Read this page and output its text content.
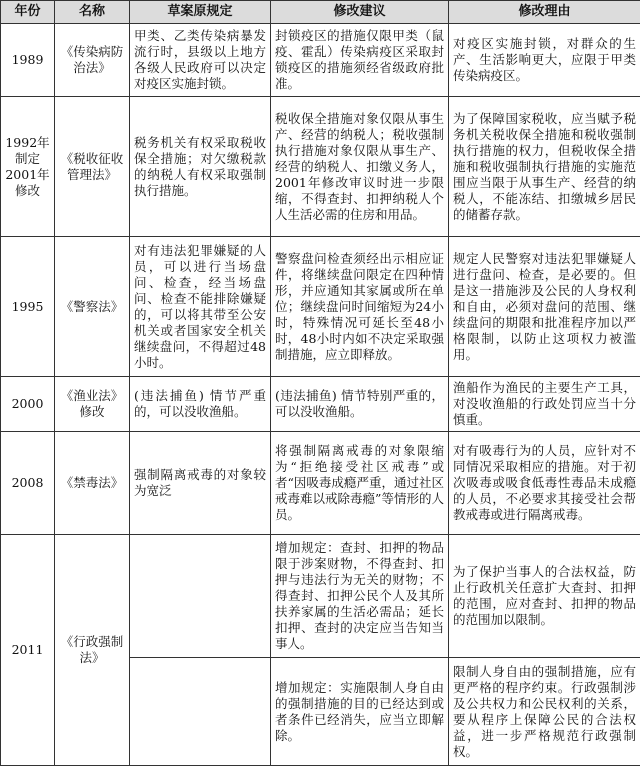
年份	名称	草案原规定	修改建议	修改理由

1989	《传染病防
治法》	甲类、乙类传染病暴发流行时，县级以上地方各级人民政府可以决定对疫区实施封锁。	封锁疫区的措施仅限甲类（鼠疫、霍乱）传染病疫区采取封锁疫区的措施须经省级政府批准。	对疫区实施封锁，对群众的生产、生活影响更大，应限于甲类传染病疫区。

1992年
制定
2001年
修改	《税收征收
管理法》	税务机关有权采取税收保全措施；对欠缴税款的纳税人有权采取强制执行措施。	税收保全措施对象仅限从事生产、经营的纳税人；税收强制执行措施对象仅限从事生产、经营的纳税人、扣缴义务人，2001年修改审议时进一步限缩，不得查封、扣押纳税人个人生活必需的住房和用品。	为了保障国家税收，应当赋予税务机关税收保全措施和税收强制执行措施的权力，但税收保全措施和税收强制执行措施的实施范围应当限于从事生产、经营的纳税人，不能冻结、扣缴城乡居民的储蓄存款。

1995	《警察法》	对有违法犯罪嫌疑的人员，可以进行当场盘问、检查，经当场盘问、检查不能排除嫌疑的，可以将其带至公安机关或者国家安全机关继续盘问，不得超过48小时。	警察盘问检查须经出示相应证件，将继续盘问限定在四种情形，并应通知其家属或所在单位；继续盘问时间缩短为24小时，特殊情况可延长至48小时，48小时内如不决定采取强制措施，应立即释放。	规定人民警察对违法犯罪嫌疑人进行盘问、检查，是必要的。但是这一措施涉及公民的人身权利和自由，必须对盘问的范围、继续盘问的期限和批准程序加以严格限制，以防止这项权力被滥用。

2000	《渔业法》
修改	(违法捕鱼) 情节严重的，可以没收渔船。	(违法捕鱼) 情节特别严重的，可以没收渔船。	渔船作为渔民的主要生产工具，对没收渔船的行政处罚应当十分慎重。

2008	《禁毒法》	强制隔离戒毒的对象较为宽泛	将强制隔离戒毒的对象限缩为“拒绝接受社区戒毒”或者“因吸毒成瘾严重，通过社区戒毒难以戒除毒瘾”等情形的人员。	对有吸毒行为的人员，应针对不同情况采取相应的措施。对于初次吸毒或吸食低毒性毒品未成瘾的人员，不必要求其接受社会帮教戒毒或进行隔离戒毒。

2011	《行政强制
法》		增加规定：查封、扣押的物品限于涉案财物，不得查封、扣押与违法行为无关的财物；不得查封、扣押公民个人及其所扶养家属的生活必需品；延长扣押、查封的决定应当告知当事人。	为了保护当事人的合法权益，防止行政机关任意扩大查封、扣押的范围，应对查封、扣押的物品的范围加以限制。
			增加规定：实施限制人身自由的强制措施的目的已经达到或者条件已经消失，应当立即解除。	限制人身自由的强制措施，应有更严格的程序约束。行政强制涉及公共权力和公民权利的关系，要从程序上保障公民的合法权益，进一步严格规范行政强制权。
